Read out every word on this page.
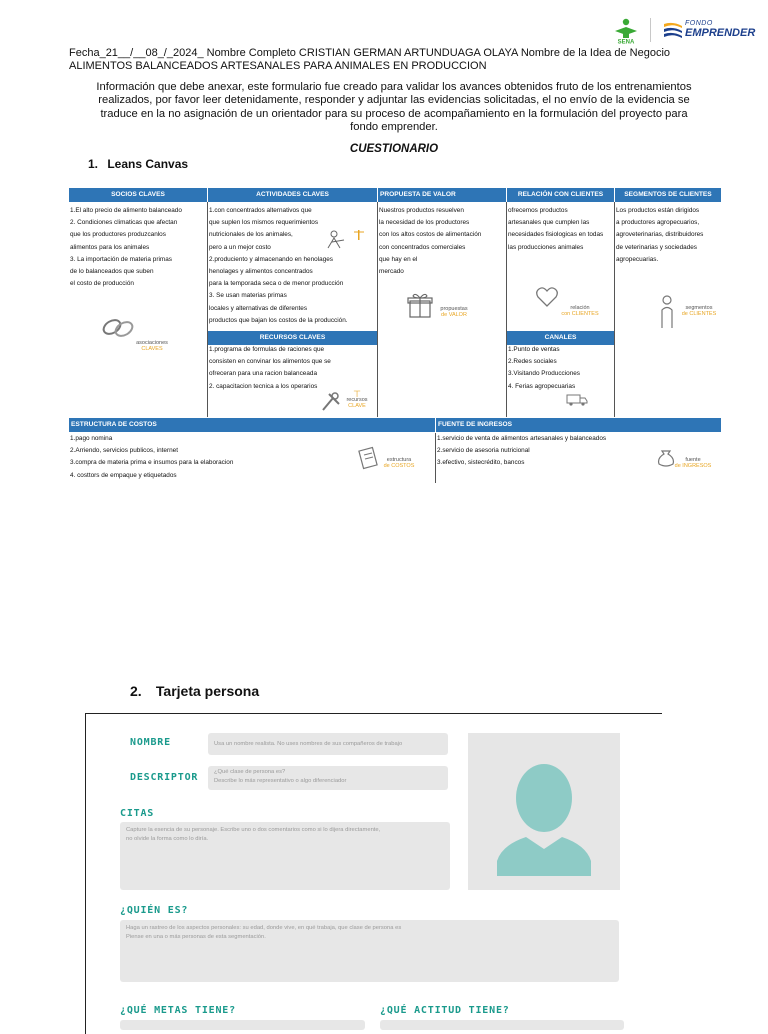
SENA
FONDO
EMPRENDER
Fecha_21__/__08_/_2024_ Nombre Completo CRISTIAN GERMAN ARTUNDUAGA OLAYA Nombre de la Idea de Negocio
ALIMENTOS BALANCEADOS ARTESANALES PARA ANIMALES EN PRODUCCION
Información que debe anexar, este formulario fue creado para validar los avances obtenidos fruto de los entrenamientos
realizados, por favor leer detenidamente, responder y adjuntar las evidencias solicitadas, el no envío de la evidencia se
traduce en la no asignación de un orientador para su proceso de acompañamiento en la formulación del proyecto para
fondo emprender.
CUESTIONARIO
1. Leans Canvas
SOCIOS CLAVES	ACTIVIDADES CLAVES	PROPUESTA DE VALOR	RELACIÓN CON CLIENTES	SEGMENTOS DE CLIENTES
1.El alto precio de alimento balanceado
2. Condiciones climaticas que afectan
que los productores produzcanlos
alimentos para los animales
3. La importación de materia primas
de lo balanceados que suben
el costo de producción
asociaciones
CLAVES
1.con concentrados alternativos que
que suplen los mismos requerimientos
nutricionales de los animales,
pero a un mejor costo
2.produciento y almacenando en henolages
henolages y alimentos concentrados
para la temporada seca o de menor producción
3. Se usan materias primas
locales y alternativas de diferentes
productos que bajan los costos de la producción.
RECURSOS CLAVES
1.programa de formulas de raciones que
consisten en convinar los alimentos que se
ofreceran para una racion balanceada
2. capacitacion tecnica a los operarios
⊤
recursos
CLAVE
Nuestros productos resuelven
la necesidad de los productores
con los altos costos de alimentación
con concentrados comerciales
que hay en el
mercado
propuestas
de VALOR
ofrecemos productos
artesanales que cumplen las
necesidades fisiologicas en todas
las producciones animales
relación
con CLIENTES
CANALES
1.Punto de ventas
2.Redes sociales
3.Visitando Producciones
4. Ferias agropecuarias
Los productos están dirigidos
a productores agropecuarios,
agroveterinarias, distribuidores
de veterinarias y sociedades
agropecuarias.
segmentos
de CLIENTES
ESTRUCTURA DE COSTOS	FUENTE DE INGRESOS
1.pago nomina
2.Arriendo, servicios publicos, internet
3.compra de materia prima e insumos para la elaboracion
4. costtors de empaque y etiquetados
estructura
de COSTOS
1.servicio de venta de alimentos artesanales y balanceados
2.servicio de asesoria nutricional
3.efectivo, sistecrédito, bancos	fuente
de INGRESOS
2. Tarjeta persona
NOMBRE	Usa un nombre realista. No uses nombres de sus compañeros de trabajo
DESCRIPTOR	¿Qué clase de persona es?
Describe lo más representativo o algo diferenciador
CITAS
Capture la esencia de su personaje. Escribe uno o dos comentarios como si lo dijera directamente,
no olvide la forma como lo diría.
¿QUIÉN ES?
Haga un rastreo de los aspectos personales: su edad, donde vive, en qué trabaja, que clase de persona es
Piense en una o más personas de esta segmentación.
¿QUÉ METAS TIENE?	¿QUÉ ACTITUD TIENE?
